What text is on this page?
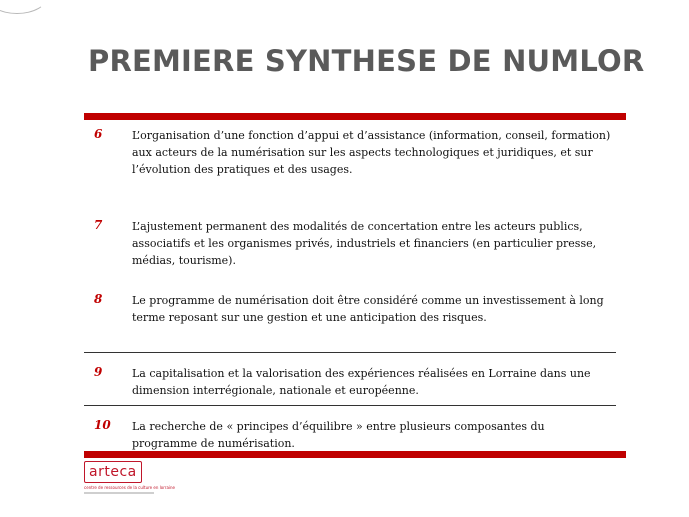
PREMIERE SYNTHESE DE NUMLOR
6	L’organisation d’une fonction d’appui et d’assistance (information, conseil, formation) aux acteurs de la numérisation sur les aspects technologiques et juridiques, et sur l’évolution des pratiques et des usages.
7	L’ajustement permanent des modalités de concertation entre les acteurs publics, associatifs et les organismes privés, industriels et financiers (en particulier presse, médias, tourisme).
8	Le programme de numérisation doit être considéré comme un investissement à long terme reposant sur une gestion et une anticipation des risques.
9	La capitalisation et la valorisation des expériences réalisées en Lorraine dans une dimension interrégionale, nationale et européenne.
10 La recherche de « principes d’équilibre » entre plusieurs composantes du programme de numérisation.
arteca
centre de ressources de la culture en lorraine
